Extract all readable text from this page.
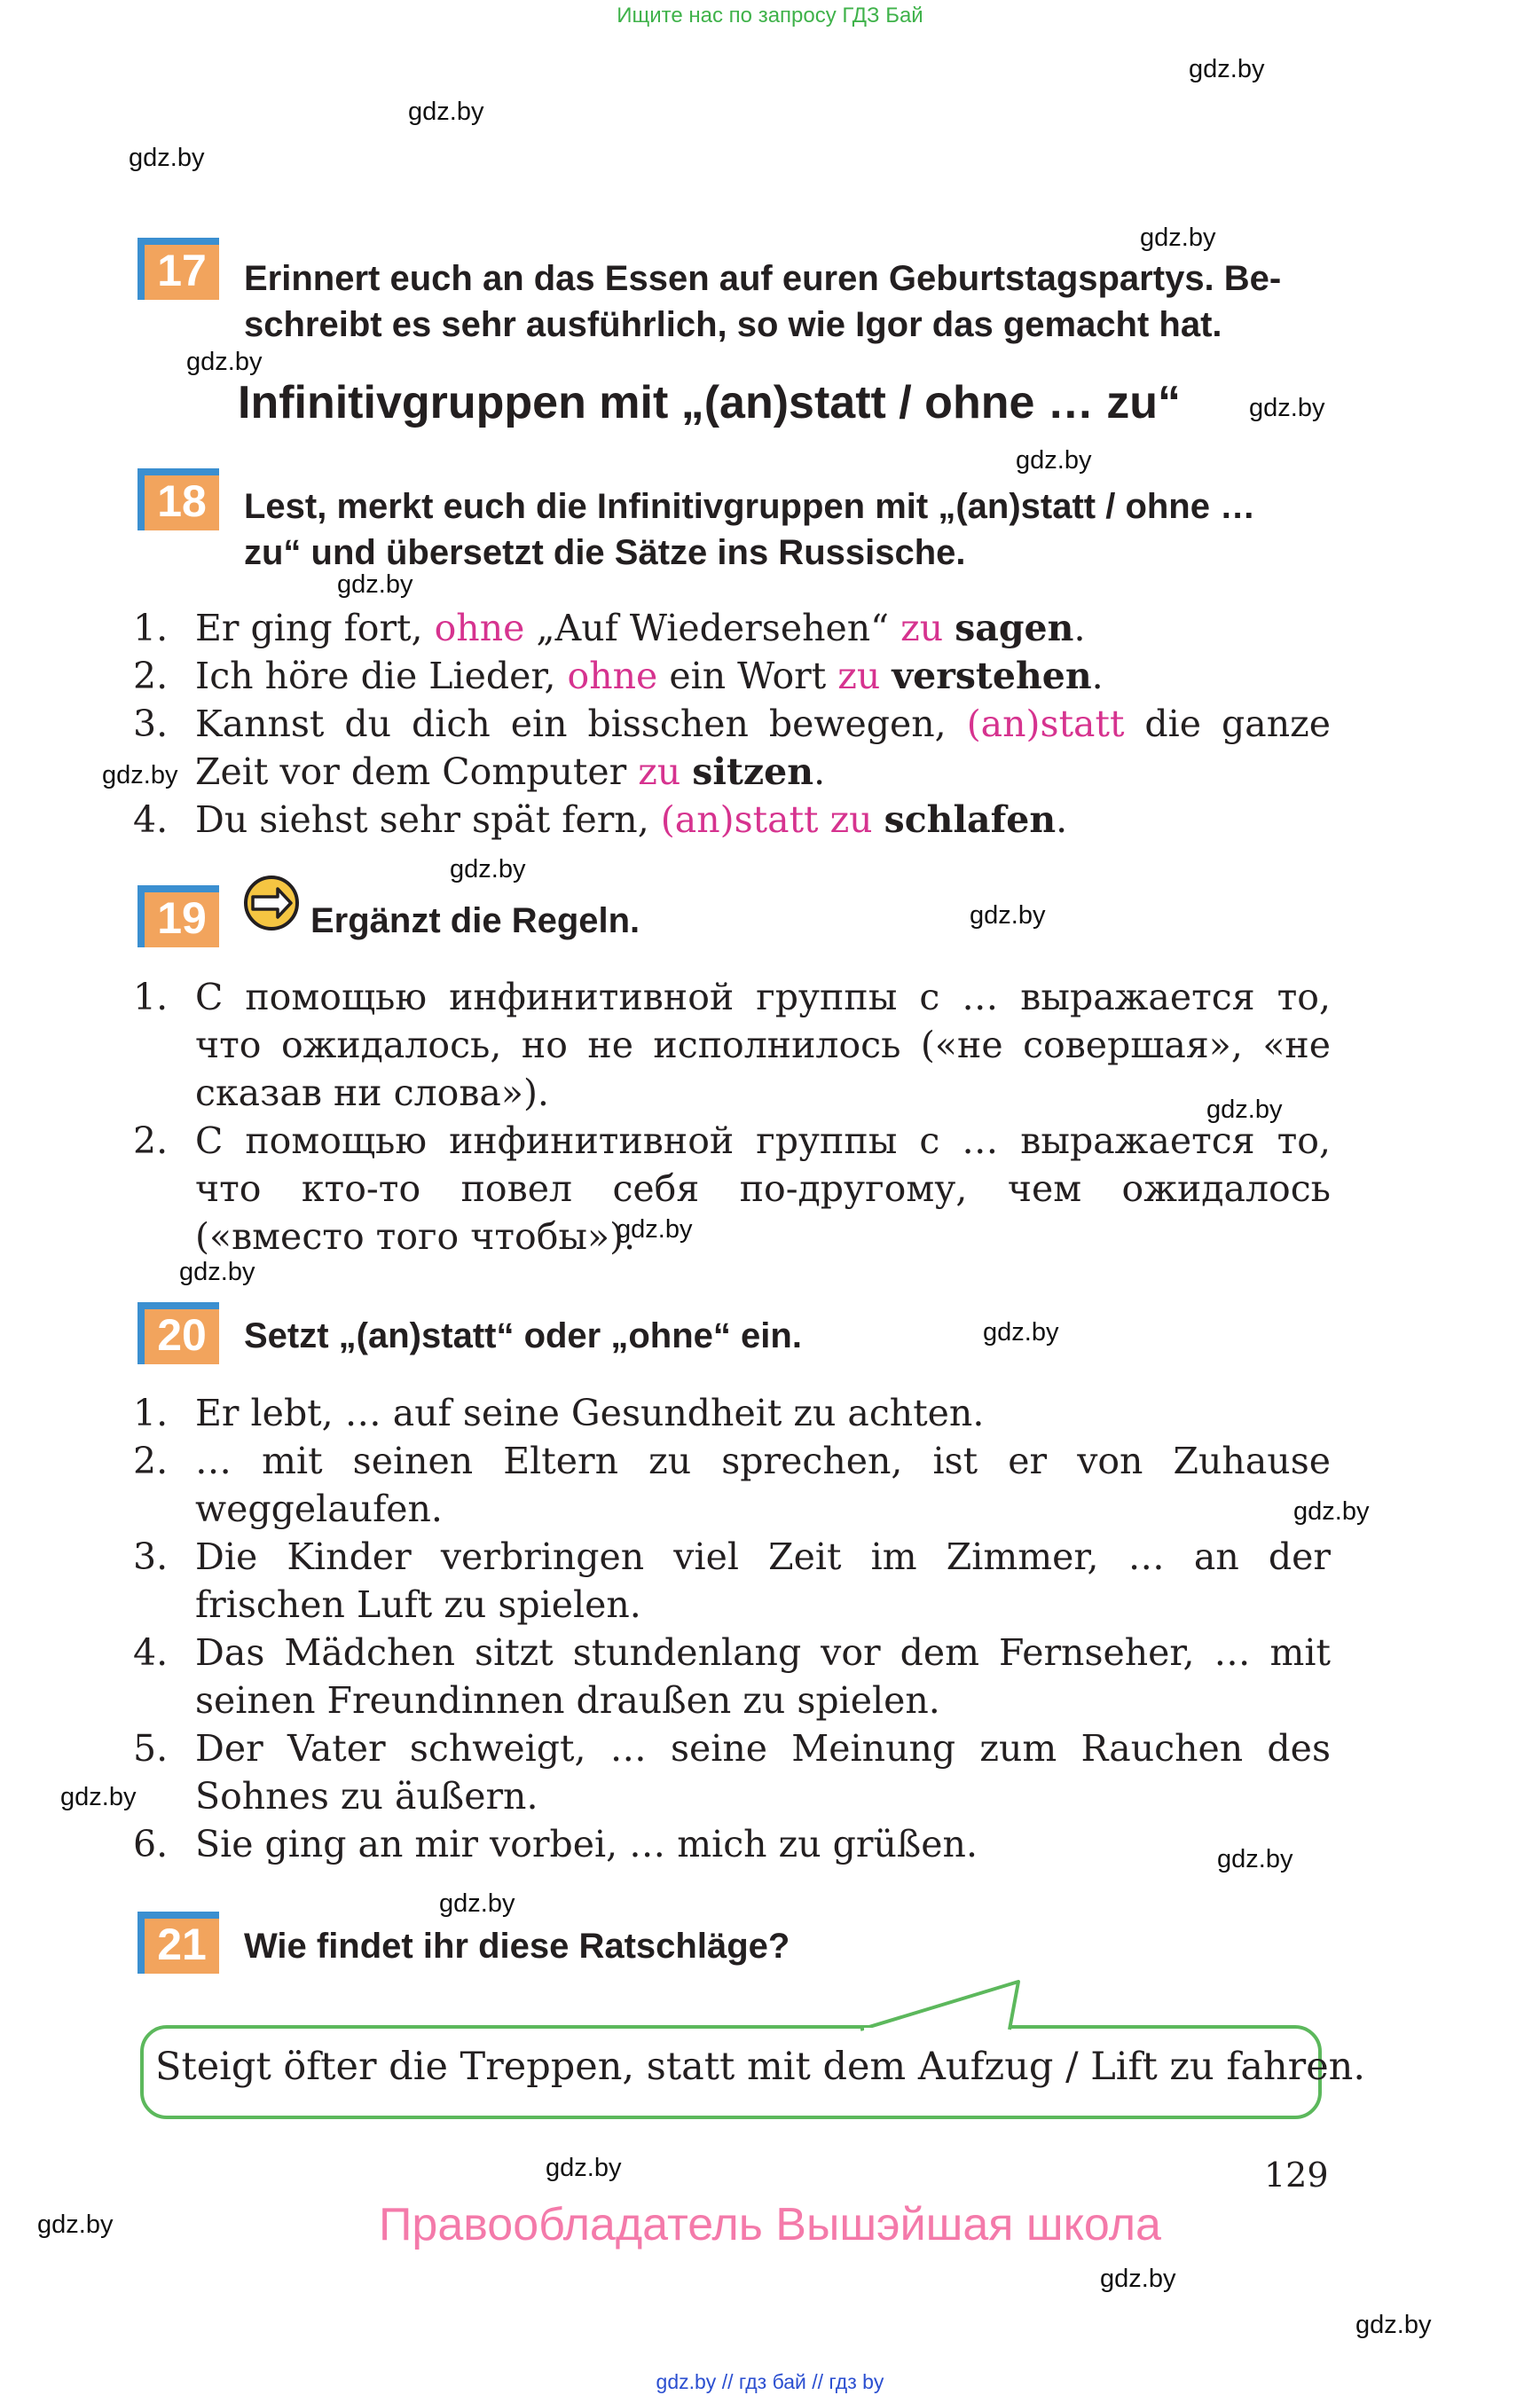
Ищите нас по запросу ГДЗ Бай
gdz.by
gdz.by
gdz.by
gdz.by
gdz.by
gdz.by
gdz.by
gdz.by
gdz.by
gdz.by
gdz.by
gdz.by
gdz.by
gdz.by
gdz.by
gdz.by
gdz.by
gdz.by
gdz.by
gdz.by
gdz.by
gdz.by
gdz.by
17	Erinnert euch an das Essen auf euren Geburtstagspartys. Be-
schreibt es sehr ausführlich, so wie Igor das gemacht hat.
Infinitivgruppen mit „(an)statt / ohne … zu“
18	Lest, merkt euch die Infinitivgruppen mit „(an)statt / ohne …
zu“ und übersetzt die Sätze ins Russische.
1. Er ging fort, ohne „Auf Wiedersehen“ zu sagen.
2. Ich höre die Lieder, ohne ein Wort zu verstehen.
3. Kannst du dich ein bisschen bewegen, (an)statt die ganze Zeit vor dem Computer zu sitzen.
4. Du siehst sehr spät fern, (an)statt zu schlafen.
19	Ergänzt die Regeln.
1. С помощью инфинитивной группы с … выражается то, что ожидалось, но не исполнилось («не совершая», «не сказав ни слова»).
2. С помощью инфинитивной группы с … выражается то, что кто-то повел себя по-другому, чем ожидалось («вместо того чтобы»).
20	Setzt „(an)statt“ oder „ohne“ ein.
1. Er lebt, … auf seine Gesundheit zu achten.
2. … mit seinen Eltern zu sprechen, ist er von Zuhause weggelaufen.
3. Die Kinder verbringen viel Zeit im Zimmer, … an der frischen Luft zu spielen.
4. Das Mädchen sitzt stundenlang vor dem Fernseher, … mit seinen Freundinnen draußen zu spielen.
5. Der Vater schweigt, … seine Meinung zum Rauchen des Sohnes zu äußern.
6. Sie ging an mir vorbei, … mich zu grüßen.
21	Wie findet ihr diese Ratschläge?
Steigt öfter die Treppen, statt mit dem Aufzug / Lift zu fahren.
129
Правообладатель Вышэйшая школа
gdz.by // гдз бай // гдз by
